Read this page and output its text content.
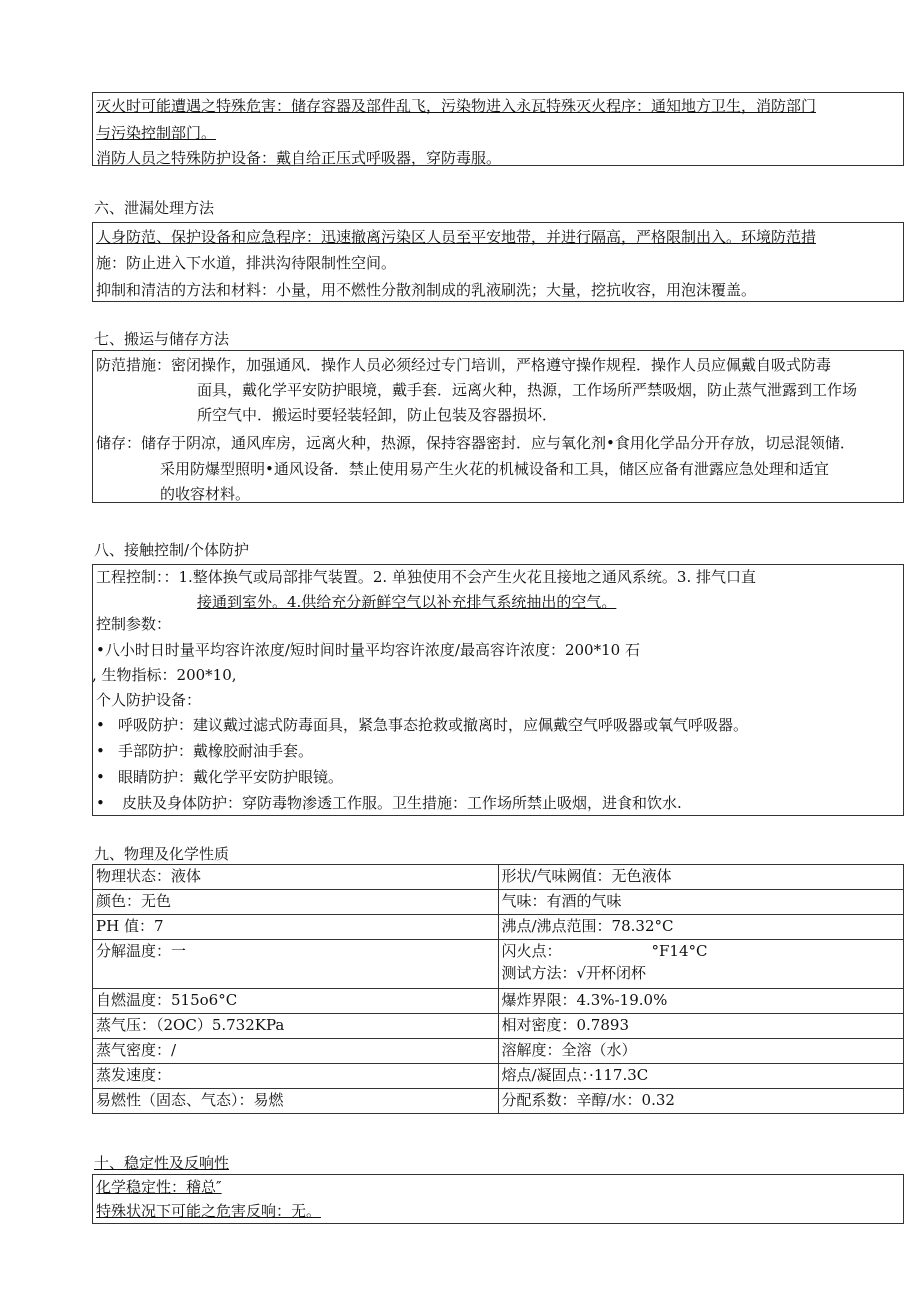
灭火时可能遭遇之特殊危害：储存容器及部件乱飞，污染物进入永瓦特殊灭火程序：通知地方卫生，消防部门
与污染控制部门。
消防人员之特殊防护设备：戴自给正压式呼吸器，穿防毒服。
六、泄漏处理方法
人身防范、保护设备和应急程序：迅速撤离污染区人员至平安地带，并进行隔高，严格限制出入。环境防范措
施：防止进入下水道，排洪沟待限制性空间。
抑制和清洁的方法和材料：小量，用不燃性分散剂制成的乳液刷洗；大量，挖抗收容，用泡沫覆盖。
七、搬运与储存方法
防范措施：密闭操作，加强通风．操作人员必须经过专门培训，严格遵守操作规程．操作人员应佩戴自吸式防毒
面具，戴化学平安防护眼境，戴手套．远离火种，热源，工作场所严禁吸烟，防止蒸气泄露到工作场
所空气中．搬运时要轻装轻卸，防止包装及容器损坏．
储存：储存于阴凉，通风库房，远离火种，热源，保持容器密封．应与氧化剂•食用化学品分开存放，切忌混领储．
采用防爆型照明•通风设备．禁止使用易产生火花的机械设备和工具，储区应备有泄露应急处理和适宜
的收容材料。
八、接触控制/个体防护
工程控制：：1.整体换气或局部排气装置。2. 单独使用不会产生火花且接地之通风系统。3. 排气口直
接通到室外。4.供给充分新鲜空气以补充排气系统抽出的空气。
控制参数：
•八小时日时量平均容许浓度/短时间时量平均容许浓度/最高容许浓度：200*10 石
, 生物指标：200*10,
个人防护设备：
• 呼吸防护：建议戴过滤式防毒面具，紧急事态抢救或撤离时，应佩戴空气呼吸器或氧气呼吸器。
• 手部防护：戴橡胶耐油手套。
• 眼睛防护：戴化学平安防护眼镜。
• 皮肤及身体防护：穿防毒物渗透工作服。卫生措施：工作场所禁止吸烟，进食和饮水.
九、物理及化学性质
物理状态：液体	形状/气味阙值：无色液体
颜色：无色	气味：有酒的气味
PH 值：7	沸点/沸点范围：78.32°C
分解温度：一	闪火点： °F14°C
测试方法：√开杯闭杯

自燃温度：515o6°C	爆炸界限：4.3%-19.0%
蒸气压：（2OC）5.732KPa	相对密度：0.7893
蒸气密度：/	溶解度：全溶（水）
蒸发速度：	熔点/凝固点：·117.3C
易燃性（固态、气态）：易燃	分配系数：辛醇/水：0.32
十、稳定性及反响性
化学稳定性：稽总″
特殊状况下可能之危害反响：无。
